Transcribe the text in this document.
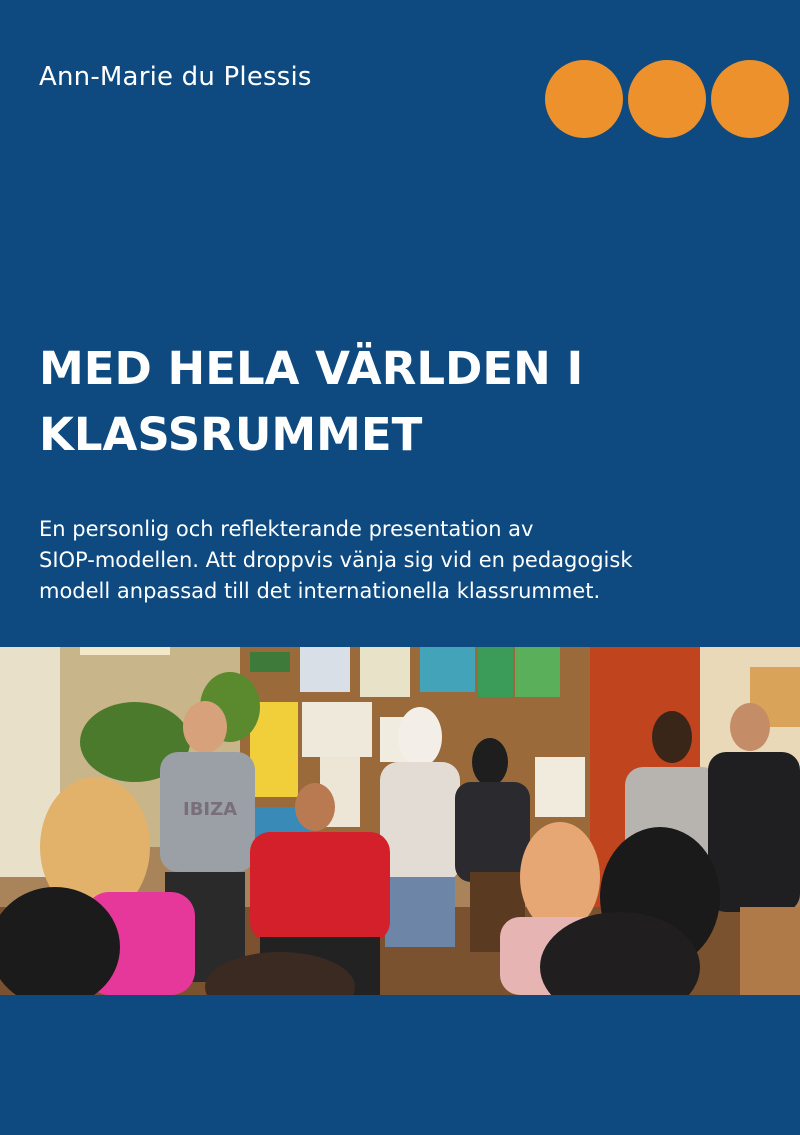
Ann-Marie du Plessis
MED HELA VÄRLDEN I
KLASSRUMMET
En personlig och reflekterande presentation av
SIOP-modellen. Att droppvis vänja sig vid en pedagogisk
modell anpassad till det internationella klassrummet.
IBIZA
